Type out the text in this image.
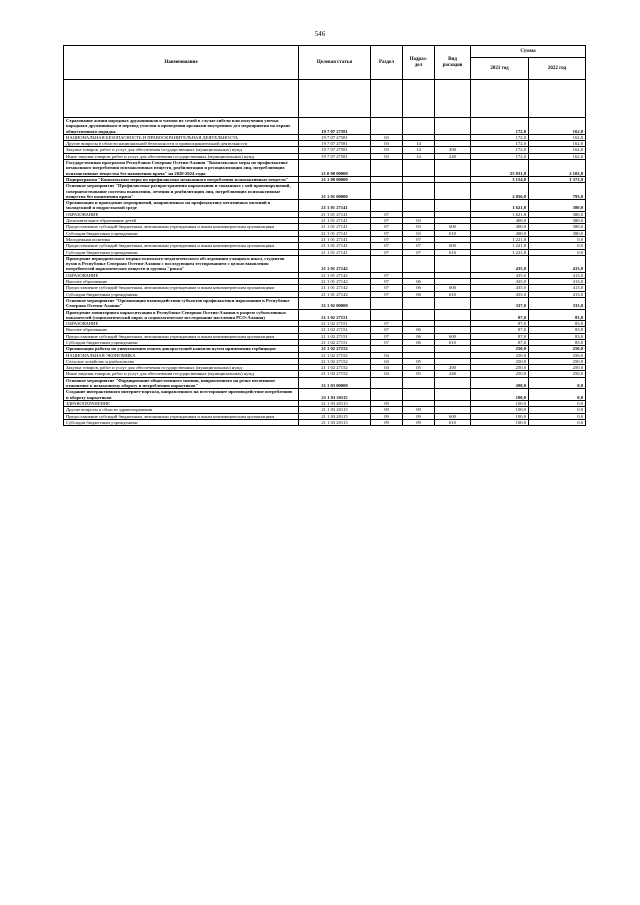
546
Наименование	Целевая статья	Раздел	Подраз-
дел	Вид
расходов	Сумма	
					2021 год	2022 год

Страхование жизни народных дружинников и членов их семей в случае гибели или получения увечья народным дружинником и перевод участия в проведении органами внутренних дел мероприятия по охране общественного порядка	19 7 07 27581				172,0	162,0
НАЦИОНАЛЬНАЯ БЕЗОПАСНОСТЬ И ПРАВООХРАНИТЕЛЬНАЯ ДЕЯТЕЛЬНОСТЬ	19 7 07 27581	03			172,0	162,0
Другие вопросы в области национальной безопасности и правоохранительной деятельности	19 7 07 27581	03	14		172,0	162,0
Закупка товаров, работ и услуг для обеспечения государственных (муниципальных) нужд	19 7 07 27581	03	14	200	172,0	162,0
Иные закупки товаров, работ и услуг для обеспечения государственных (муниципальных) нужд	19 7 07 27581	03	14	240	172,0	162,0
Государственная программа Республики Северная Осетия-Алания "Комплексные меры по профилактике незаконного потребления психоактивных веществ, реабилитации и ресоциализации лиц, потребляющих психоактивные вещества без назначения врача" на 2020-2024 годы	21 0 00 00000				25 031,8	2 102,8
Подпрограмма "Комплексные меры по профилактике незаконного потребления психоактивных веществ"	21 1 00 00000				3 154,8	1 373,9
Основное мероприятие "Профилактика распространения наркомании и связанных с ней правонарушений, совершенствование системы выявления, лечения и реабилитации лиц, потребляющих психоактивные вещества без назначения врача"	21 1 01 00000				2 056,8	793,0
Организация и проведение мероприятий, направленных на профилактику негативных явлений в молодежной и подростковой среде	21 1 01 27141				1 621,8	380,0
ОБРАЗОВАНИЕ	21 1 01 27141	07			1 621,8	380,0
Дополнительное образование детей	21 1 01 27141	07	03		400,0	380,0
Предоставление субсидий бюджетным, автономным учреждениям и иным некоммерческим организациям	21 1 01 27141	07	03	600	400,0	380,0
Субсидии бюджетным учреждениям	21 1 01 27141	07	03	610	400,0	380,0
Молодежная политика	21 1 01 27141	07	07		1 221,8	0,0
Предоставление субсидий бюджетным, автономным учреждениям и иным некоммерческим организациям	21 1 01 27141	07	07	600	1 221,8	0,0
Субсидии бюджетным учреждениям	21 1 01 27141	07	07	610	1 221,8	0,0
Проведение периодического медико-психолого-педагогического обследования учащихся школ, студентов вузов в Республике Северная Осетия-Алания с последующим тестированием с целью выявления потребителей наркотических веществ и группы "риска"	21 1 01 27142				435,0	413,0
ОБРАЗОВАНИЕ	21 1 01 27142	07			435,0	413,0
Высшее образование	21 1 01 27142	07	06		435,0	413,0
Предоставление субсидий бюджетным, автономным учреждениям и иным некоммерческим организациям	21 1 01 27142	07	06	600	435,0	413,0
Субсидии бюджетным учреждениям	21 1 01 27142	07	06	610	435,0	413,0
Основное мероприятие "Организация взаимодействия субъектов профилактики наркомании в Республике Северная Осетия-Алания"	21 1 02 00000				337,0	333,0
Проведение мониторинга наркоситуации в Республике Северная Осетия-Алания в разрезе субъективных показателей (социологический опрос и социологическое исследование населения РСО-Алания)	21 1 02 27151				87,0	83,0
ОБРАЗОВАНИЕ	21 1 02 27151	07			87,0	83,0
Высшее образование	21 1 02 27151	07	06		87,0	83,0
Предоставление субсидий бюджетным, автономным учреждениям и иным некоммерческим организациям	21 1 02 27151	07	06	600	87,0	83,0
Субсидии бюджетным учреждениям	21 1 02 27151	07	06	610	87,0	83,0
Организация работы по уничтожению очагов дикорастущей конопли путем применения гербицидов	21 1 02 27152				250,0	250,0
НАЦИОНАЛЬНАЯ ЭКОНОМИКА	21 1 02 27152	04			250,0	250,0
Сельское хозяйство и рыболовство	21 1 02 27152	04	05		250,0	250,0
Закупка товаров, работ и услуг для обеспечения государственных (муниципальных) нужд	21 1 02 27152	04	05	200	250,0	250,0
Иные закупки товаров, работ и услуг для обеспечения государственных (муниципальных) нужд	21 1 02 27152	04	05	240	250,0	250,0
Основное мероприятие "Формирование общественного мнения, направленного на резко негативное отношение к незаконному обороту и потреблению наркотиков"	21 1 03 00000				200,0	0,0
Создание интерактивного интернет-портала, направленного на всестороннее противодействие потреблению и обороту наркотиков	21 1 03 20115				100,0	0,0
ЗДРАВООХРАНЕНИЕ	21 1 03 20115	09			100,0	0,0
Другие вопросы в области здравоохранения	21 1 03 20115	09	09		100,0	0,0
Предоставление субсидий бюджетным, автономным учреждениям и иным некоммерческим организациям	21 1 03 20115	09	09	600	100,0	0,0
Субсидии бюджетным учреждениям	21 1 03 20115	09	09	610	100,0	0,0
